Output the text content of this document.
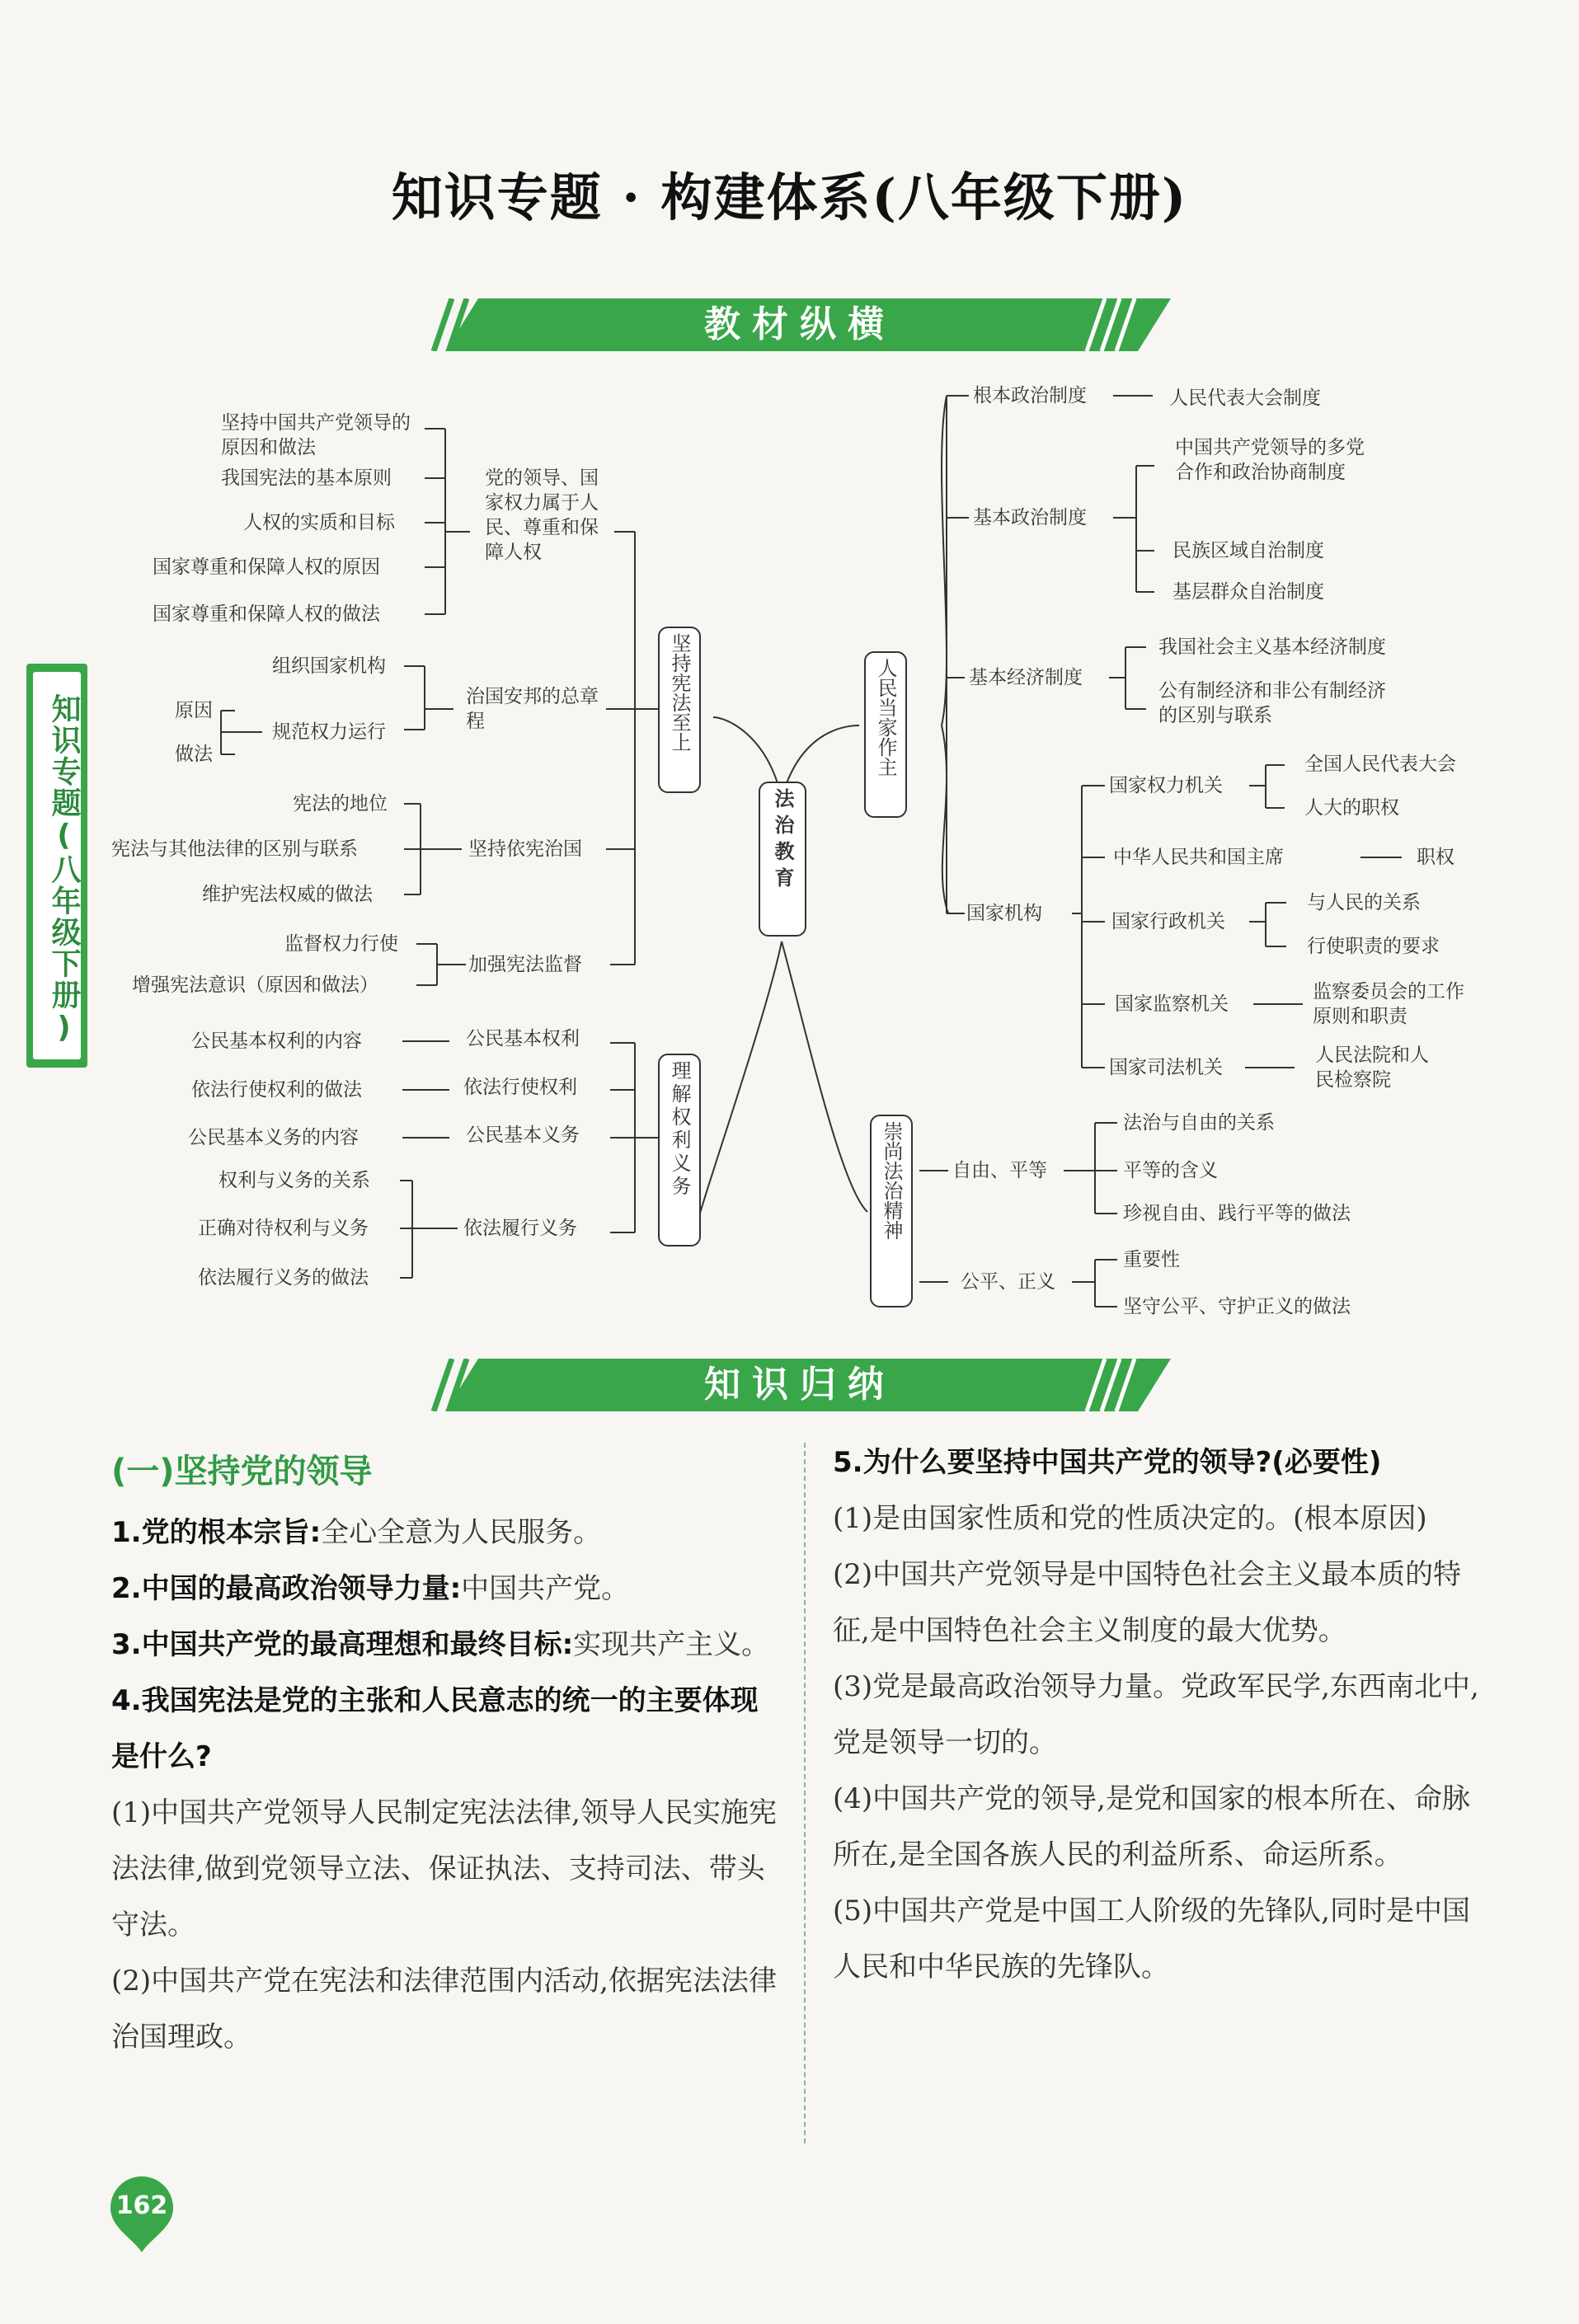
知识专题 · 构建体系(八年级下册)
知识专题(八年级下册)
教材纵横
法治教育
坚持宪法至上
理解权利义务
人民当家作主
崇尚法治精神
坚持中国共产党领导的原因和做法
我国宪法的基本原则
人权的实质和目标
国家尊重和保障人权的原因
国家尊重和保障人权的做法
党的领导、国家权力属于人民、尊重和保障人权
组织国家机构
原因
做法
规范权力运行
治国安邦的总章程
宪法的地位
宪法与其他法律的区别与联系
维护宪法权威的做法
坚持依宪治国
监督权力行使
增强宪法意识（原因和做法）
加强宪法监督
公民基本权利的内容	公民基本权利
依法行使权利的做法	依法行使权利
公民基本义务的内容	公民基本义务
权利与义务的关系
正确对待权利与义务
依法履行义务的做法
依法履行义务
根本政治制度	人民代表大会制度
基本政治制度
中国共产党领导的多党合作和政治协商制度
民族区域自治制度
基层群众自治制度
基本经济制度
我国社会主义基本经济制度
公有制经济和非公有制经济的区别与联系
国家机构
国家权力机关
全国人民代表大会
人大的职权
中华人民共和国主席	职权
国家行政机关
与人民的关系
行使职责的要求
国家监察机关
监察委员会的工作原则和职责
国家司法机关
人民法院和人民检察院
自由、平等
法治与自由的关系
平等的含义
珍视自由、践行平等的做法
公平、正义
重要性
坚守公平、守护正义的做法
知识归纳

(一)坚持党的领导

1.党的根本宗旨:全心全意为人民服务。

2.中国的最高政治领导力量:中国共产党。

3.中国共产党的最高理想和最终目标:实现共产主义。

4.我国宪法是党的主张和人民意志的统一的主要体现是什么?

(1)中国共产党领导人民制定宪法法律,领导人民实施宪法法律,做到党领导立法、保证执法、支持司法、带头守法。

(2)中国共产党在宪法和法律范围内活动,依据宪法法律治国理政。

5.为什么要坚持中国共产党的领导?(必要性)

(1)是由国家性质和党的性质决定的。(根本原因)

(2)中国共产党领导是中国特色社会主义最本质的特征,是中国特色社会主义制度的最大优势。

(3)党是最高政治领导力量。党政军民学,东西南北中,党是领导一切的。

(4)中国共产党的领导,是党和国家的根本所在、命脉所在,是全国各族人民的利益所系、命运所系。

(5)中国共产党是中国工人阶级的先锋队,同时是中国人民和中华民族的先锋队。

162
